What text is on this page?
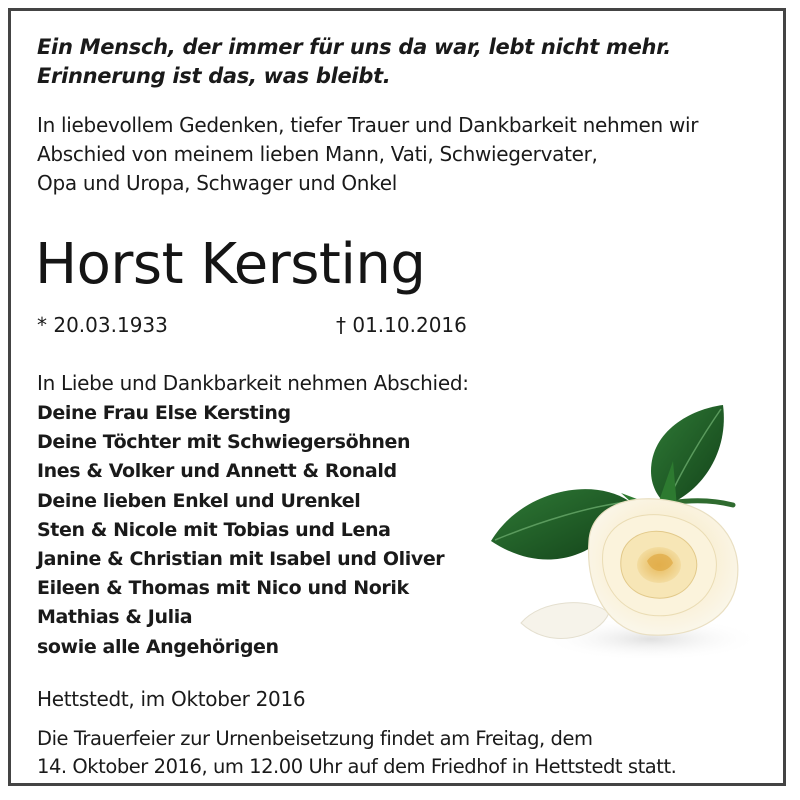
Ein Mensch, der immer für uns da war, lebt nicht mehr.
Erinnerung ist das, was bleibt.
In liebevollem Gedenken, tiefer Trauer und Dankbarkeit nehmen wir
Abschied von meinem lieben Mann, Vati, Schwiegervater,
Opa und Uropa, Schwager und Onkel
Horst Kersting
* 20.03.1933	† 01.10.2016
In Liebe und Dankbarkeit nehmen Abschied:
Deine Frau Else Kersting
Deine Töchter mit Schwiegersöhnen
Ines & Volker und Annett & Ronald
Deine lieben Enkel und Urenkel
Sten & Nicole mit Tobias und Lena
Janine & Christian mit Isabel und Oliver
Eileen & Thomas mit Nico und Norik
Mathias & Julia
sowie alle Angehörigen
Hettstedt, im Oktober 2016
Die Trauerfeier zur Urnenbeisetzung findet am Freitag, dem
14. Oktober 2016, um 12.00 Uhr auf dem Friedhof in Hettstedt statt.
